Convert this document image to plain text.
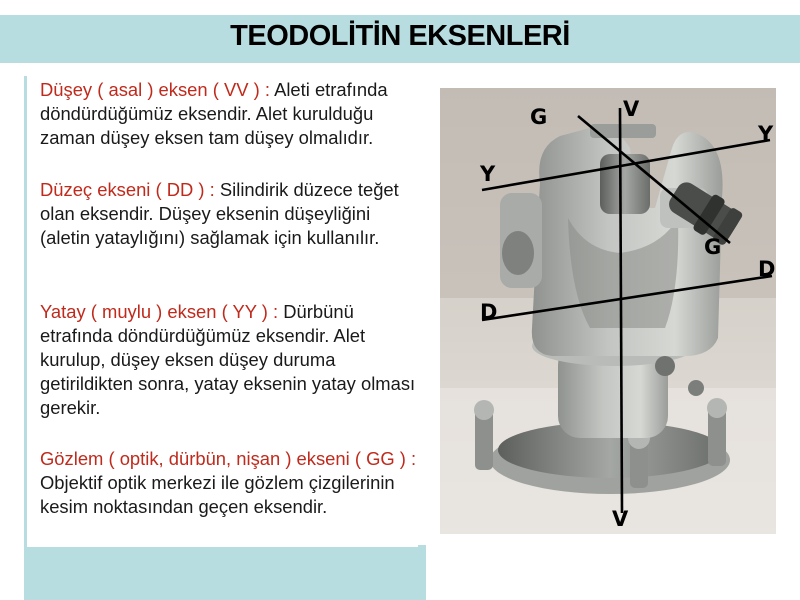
TEODOLİTİN EKSENLERİ
Düşey ( asal ) eksen ( VV ) : Aleti etrafında döndürdüğümüz eksendir. Alet kurulduğu zaman düşey eksen tam düşey olmalıdır.
Düzeç ekseni ( DD ) : Silindirik düzece teğet olan eksendir. Düşey eksenin düşeyliğini (aletin yataylığını) sağlamak için kullanılır.
Yatay ( muylu ) eksen ( YY ) : Dürbünü etrafında döndürdüğümüz eksendir. Alet kurulup, düşey eksen düşey duruma getirildikten sonra, yatay eksenin yatay olması gerekir.
Gözlem ( optik, dürbün, nişan ) ekseni ( GG ) : Objektif optik merkezi ile gözlem çizgilerinin kesim noktasından geçen eksendir.
V
V
G
G
Y
Y
D
D
